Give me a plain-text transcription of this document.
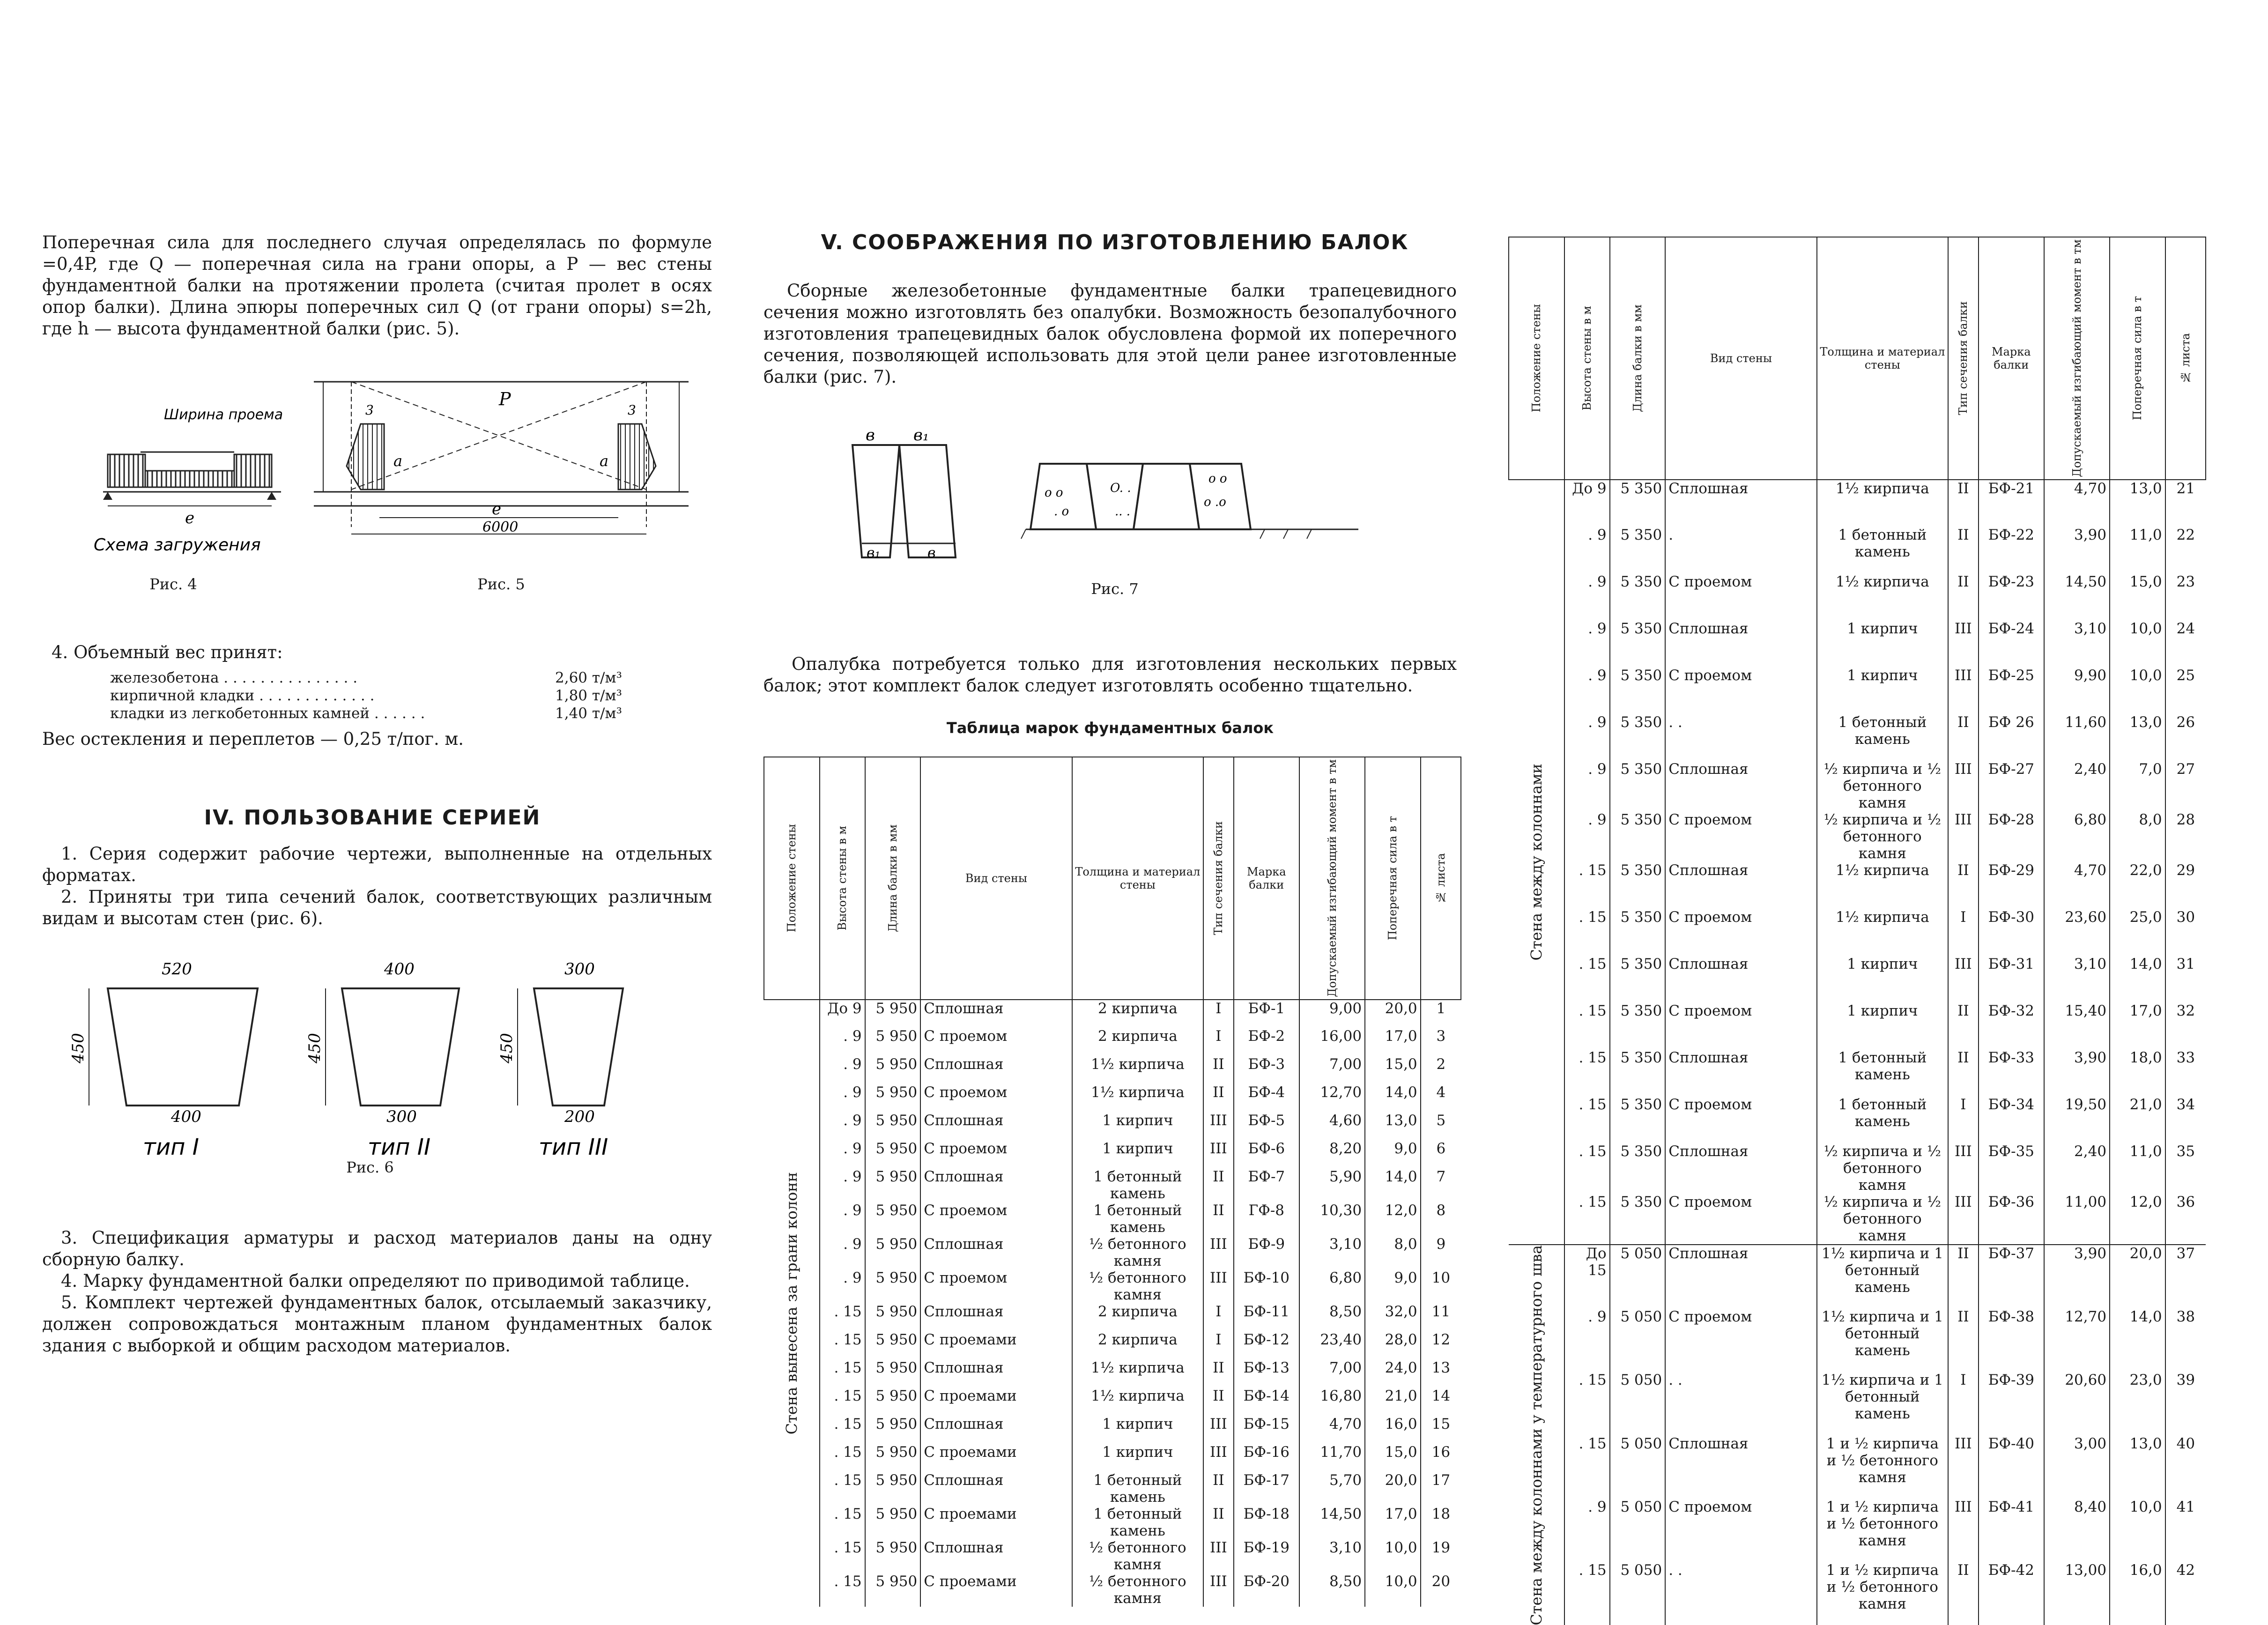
Поперечная сила для последнего случая определялась по формуле =0,4P, где Q — поперечная сила на грани опоры, а P — вес стены фундаментной балки на протяжении пролета (считая пролет в осях опор балки). Длина эпюры поперечных сил Q (от грани опоры) s=2h, где h — высота фундаментной балки (рис. 5).

Ширина проема
e
Схема загружения
Рис. 4
P
3	3
a	a
e
6000
Рис. 5
4. Объемный вес принят:
железобетона . . . . . . . . . . . . . . .	2,60 т/м³
кирпичной кладки . . . . . . . . . . . . .	1,80 т/м³
кладки из легкобетонных камней . . . . . .	1,40 т/м³
Вес остекления и переплетов — 0,25 т/пог. м.
IV. ПОЛЬЗОВАНИЕ СЕРИЕЙ

1. Серия содержит рабочие чертежи, выполненные на отдельных форматах.

2. Приняты три типа сечений балок, соответствующих различным видам и высотам стен (рис. 6).

520
450
400
тип I
400
450
300
тип II
300
450
200
тип III
Рис. 6

3. Спецификация арматуры и расход материалов даны на одну сборную балку.

4. Марку фундаментной балки определяют по приводимой таблице.

5. Комплект чертежей фундаментных балок, отсылаемый заказчику, должен сопровождаться монтажным планом фундаментных балок здания с выборкой и общим расходом материалов.

V. СООБРАЖЕНИЯ ПО ИЗГОТОВЛЕНИЮ БАЛОК

Сборные железобетонные фундаментные балки трапецевидного сечения можно изготовлять без опалубки. Возможность безопалубочного изготовления трапецевидных балок обусловлена формой их поперечного сечения, позволяющей использовать для этой цели ранее изготовленные балки (рис. 7).

в в₁
в₁	в
o o
. o
O. .
.. .
o o
o .o
Рис. 7

Опалубка потребуется только для изготовления нескольких первых балок; этот комплект балок следует изготовлять особенно тщательно.

Таблица марок фундаментных балок
Положение стены	Высота стены в м	Длина балки в мм	Вид стены	Толщина и материал стены	Тип сечения балки	Марка балки	Допускаемый изгибающий момент в тм	Поперечная сила в т	№ листа

Стена вынесена за грани колонн	До 9	5 950	Сплошная	2 кирпича	I	БФ-1	9,00	20,0	1
	. 9	5 950	С проемом	2 кирпича	I	БФ-2	16,00	17,0	3
	. 9	5 950	Сплошная	1½ кирпича	II	БФ-3	7,00	15,0	2
	. 9	5 950	С проемом	1½ кирпича	II	БФ-4	12,70	14,0	4
	. 9	5 950	Сплошная	1 кирпич	III	БФ-5	4,60	13,0	5
	. 9	5 950	С проемом	1 кирпич	III	БФ-6	8,20	9,0	6
	. 9	5 950	Сплошная	1 бетонный камень	II	БФ-7	5,90	14,0	7
	. 9	5 950	С проемом	1 бетонный камень	II	ГФ-8	10,30	12,0	8
	. 9	5 950	Сплошная	½ бетонного камня	III	БФ-9	3,10	8,0	9
	. 9	5 950	С проемом	½ бетонного камня	III	БФ-10	6,80	9,0	10
	. 15	5 950	Сплошная	2 кирпича	I	БФ-11	8,50	32,0	11
	. 15	5 950	С проемами	2 кирпича	I	БФ-12	23,40	28,0	12
	. 15	5 950	Сплошная	1½ кирпича	II	БФ-13	7,00	24,0	13
	. 15	5 950	С проемами	1½ кирпича	II	БФ-14	16,80	21,0	14
	. 15	5 950	Сплошная	1 кирпич	III	БФ-15	4,70	16,0	15
	. 15	5 950	С проемами	1 кирпич	III	БФ-16	11,70	15,0	16
	. 15	5 950	Сплошная	1 бетонный камень	II	БФ-17	5,70	20,0	17
	. 15	5 950	С проемами	1 бетонный камень	II	БФ-18	14,50	17,0	18
	. 15	5 950	Сплошная	½ бетонного камня	III	БФ-19	3,10	10,0	19
	. 15	5 950	С проемами	½ бетонного камня	III	БФ-20	8,50	10,0	20
Положение стены	Высота стены в м	Длина балки в мм	Вид стены	Толщина и материал стены	Тип сечения балки	Марка балки	Допускаемый изгибающий момент в тм	Поперечная сила в т	№ листа

Стена между колоннами	До 9	5 350	Сплошная	1½ кирпича	II	БФ-21	4,70	13,0	21
	. 9	5 350	.	1 бетонный камень	II	БФ-22	3,90	11,0	22
	. 9	5 350	С проемом	1½ кирпича	II	БФ-23	14,50	15,0	23
	. 9	5 350	Сплошная	1 кирпич	III	БФ-24	3,10	10,0	24
	. 9	5 350	С проемом	1 кирпич	III	БФ-25	9,90	10,0	25
	. 9	5 350	. .	1 бетонный камень	II	БФ 26	11,60	13,0	26
	. 9	5 350	Сплошная	½ кирпича и ½ бетонного камня	III	БФ-27	2,40	7,0	27
	. 9	5 350	С проемом	½ кирпича и ½ бетонного камня	III	БФ-28	6,80	8,0	28
	. 15	5 350	Сплошная	1½ кирпича	II	БФ-29	4,70	22,0	29
	. 15	5 350	С проемом	1½ кирпича	I	БФ-30	23,60	25,0	30
	. 15	5 350	Сплошная	1 кирпич	III	БФ-31	3,10	14,0	31
	. 15	5 350	С проемом	1 кирпич	II	БФ-32	15,40	17,0	32
	. 15	5 350	Сплошная	1 бетонный камень	II	БФ-33	3,90	18,0	33
	. 15	5 350	С проемом	1 бетонный камень	I	БФ-34	19,50	21,0	34
	. 15	5 350	Сплошная	½ кирпича и ½ бетонного камня	III	БФ-35	2,40	11,0	35
	. 15	5 350	С проемом	½ кирпича и ½ бетонного камня	III	БФ-36	11,00	12,0	36

Стена между колоннами у температурного шва	До 15	5 050	Сплошная	1½ кирпича и 1 бетонный камень	II	БФ-37	3,90	20,0	37
	. 9	5 050	С проемом	1½ кирпича и 1 бетонный камень	II	БФ-38	12,70	14,0	38
	. 15	5 050	. .	1½ кирпича и 1 бетонный камень	I	БФ-39	20,60	23,0	39
	. 15	5 050	Сплошная	1 и ½ кирпича и ½ бетонного камня	III	БФ-40	3,00	13,0	40
	. 9	5 050	С проемом	1 и ½ кирпича и ½ бетонного камня	III	БФ-41	8,40	10,0	41
	. 15	5 050	. .	1 и ½ кирпича и ½ бетонного камня	II	БФ-42	13,00	16,0	42
